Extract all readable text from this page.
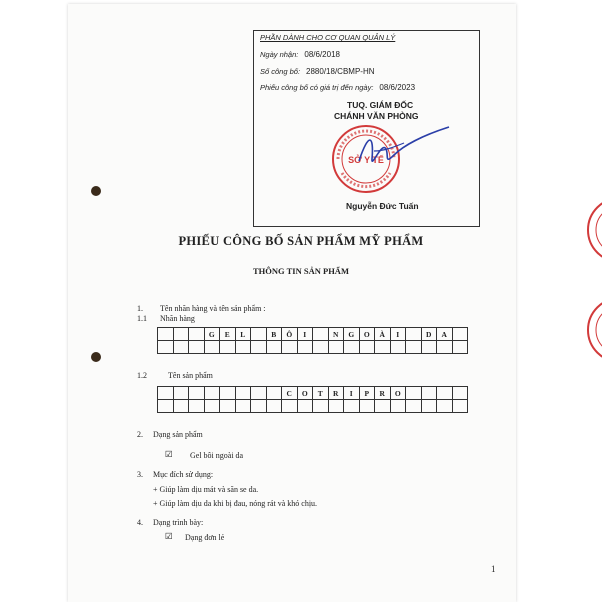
PHẦN DÀNH CHO CƠ QUAN QUẢN LÝ
Ngày nhận: 08/6/2018
Số công bố: 2880/18/CBMP-HN
Phiếu công bố có giá trị đến ngày: 08/6/2023
TUQ. GIÁM ĐỐC
CHÁNH VĂN PHÒNG
SỞ Y TẾ
Nguyễn Đức Tuấn
PHIẾU CÔNG BỐ SẢN PHẨM MỸ PHẨM
THÔNG TIN SẢN PHẨM
1. Tên nhãn hàng và tên sản phẩm :
1.1 Nhãn hàng
G	E	L	B	Ô	I	N	G	O	À	I	D	A
1.2	Tên sản phẩm
C	O	T	R	I	P	R	O
2. Dạng sản phẩm
☑ Gel bôi ngoài da
3. Mục đích sử dụng:
+ Giúp làm dịu mát và săn se da.
+ Giúp làm dịu da khi bị đau, nóng rát và khó chịu.
4. Dạng trình bày:
☑ Dạng đơn lẻ
1
